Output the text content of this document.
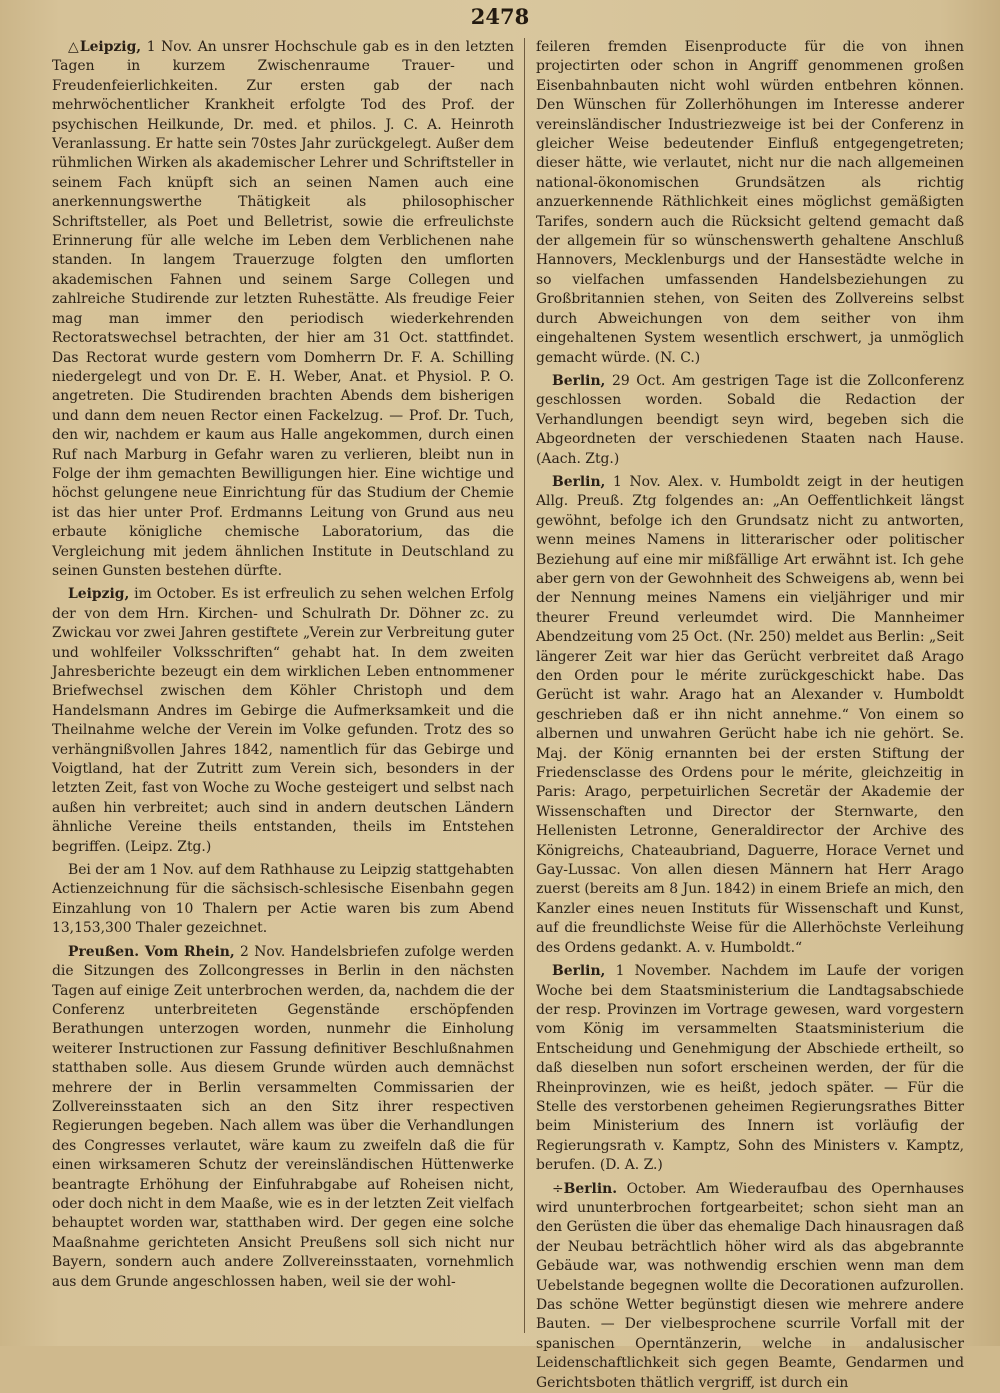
2478

△Leipzig, 1 Nov. An unsrer Hochschule gab es in den letzten Tagen in kurzem Zwischenraume Trauer- und Freudenfeierlichkeiten. Zur ersten gab der nach mehrwöchentlicher Krankheit erfolgte Tod des Prof. der psychischen Heilkunde, Dr. med. et philos. J. C. A. Heinroth Veranlassung. Er hatte sein 70stes Jahr zurückgelegt. Außer dem rühmlichen Wirken als akademischer Lehrer und Schriftsteller in seinem Fach knüpft sich an seinen Namen auch eine anerkennungswerthe Thätigkeit als philosophischer Schriftsteller, als Poet und Belletrist, sowie die erfreulichste Erinnerung für alle welche im Leben dem Verblichenen nahe standen. In langem Trauerzuge folgten den umflorten akademischen Fahnen und seinem Sarge Collegen und zahlreiche Studirende zur letzten Ruhestätte. Als freudige Feier mag man immer den periodisch wiederkehrenden Rectoratswechsel betrachten, der hier am 31 Oct. stattfindet. Das Rectorat wurde gestern vom Domherrn Dr. F. A. Schilling niedergelegt und von Dr. E. H. Weber, Anat. et Physiol. P. O. angetreten. Die Studirenden brachten Abends dem bisherigen und dann dem neuen Rector einen Fackelzug. — Prof. Dr. Tuch, den wir, nachdem er kaum aus Halle angekommen, durch einen Ruf nach Marburg in Gefahr waren zu verlieren, bleibt nun in Folge der ihm gemachten Bewilligungen hier. Eine wichtige und höchst gelungene neue Einrichtung für das Studium der Chemie ist das hier unter Prof. Erdmanns Leitung von Grund aus neu erbaute königliche chemische Laboratorium, das die Vergleichung mit jedem ähnlichen Institute in Deutschland zu seinen Gunsten bestehen dürfte.

Leipzig, im October. Es ist erfreulich zu sehen welchen Erfolg der von dem Hrn. Kirchen- und Schulrath Dr. Döhner zc. zu Zwickau vor zwei Jahren gestiftete „Verein zur Verbreitung guter und wohlfeiler Volksschriften“ gehabt hat. In dem zweiten Jahresberichte bezeugt ein dem wirklichen Leben entnommener Briefwechsel zwischen dem Köhler Christoph und dem Handelsmann Andres im Gebirge die Aufmerksamkeit und die Theilnahme welche der Verein im Volke gefunden. Trotz des so verhängnißvollen Jahres 1842, namentlich für das Gebirge und Voigtland, hat der Zutritt zum Verein sich, besonders in der letzten Zeit, fast von Woche zu Woche gesteigert und selbst nach außen hin verbreitet; auch sind in andern deutschen Ländern ähnliche Vereine theils entstanden, theils im Entstehen begriffen. (Leipz. Ztg.)

Bei der am 1 Nov. auf dem Rathhause zu Leipzig stattgehabten Actienzeichnung für die sächsisch-schlesische Eisenbahn gegen Einzahlung von 10 Thalern per Actie waren bis zum Abend 13,153,300 Thaler gezeichnet.

Preußen. Vom Rhein, 2 Nov. Handelsbriefen zufolge werden die Sitzungen des Zollcongresses in Berlin in den nächsten Tagen auf einige Zeit unterbrochen werden, da, nachdem die der Conferenz unterbreiteten Gegenstände erschöpfenden Berathungen unterzogen worden, nunmehr die Einholung weiterer Instructionen zur Fassung definitiver Beschlußnahmen statthaben solle. Aus diesem Grunde würden auch demnächst mehrere der in Berlin versammelten Commissarien der Zollvereinsstaaten sich an den Sitz ihrer respectiven Regierungen begeben. Nach allem was über die Verhandlungen des Congresses verlautet, wäre kaum zu zweifeln daß die für einen wirksameren Schutz der vereinsländischen Hüttenwerke beantragte Erhöhung der Einfuhrabgabe auf Roheisen nicht, oder doch nicht in dem Maaße, wie es in der letzten Zeit vielfach behauptet worden war, statthaben wird. Der gegen eine solche Maaßnahme gerichteten Ansicht Preußens soll sich nicht nur Bayern, sondern auch andere Zollvereinsstaaten, vornehmlich aus dem Grunde angeschlossen haben, weil sie der wohl-

feileren fremden Eisenproducte für die von ihnen projectirten oder schon in Angriff genommenen großen Eisenbahnbauten nicht wohl würden entbehren können. Den Wünschen für Zollerhöhungen im Interesse anderer vereinsländischer Industriezweige ist bei der Conferenz in gleicher Weise bedeutender Einfluß entgegengetreten; dieser hätte, wie verlautet, nicht nur die nach allgemeinen national-ökonomischen Grundsätzen als richtig anzuerkennende Räthlichkeit eines möglichst gemäßigten Tarifes, sondern auch die Rücksicht geltend gemacht daß der allgemein für so wünschenswerth gehaltene Anschluß Hannovers, Mecklenburgs und der Hansestädte welche in so vielfachen umfassenden Handelsbeziehungen zu Großbritannien stehen, von Seiten des Zollvereins selbst durch Abweichungen von dem seither von ihm eingehaltenen System wesentlich erschwert, ja unmöglich gemacht würde. (N. C.)

Berlin, 29 Oct. Am gestrigen Tage ist die Zollconferenz geschlossen worden. Sobald die Redaction der Verhandlungen beendigt seyn wird, begeben sich die Abgeordneten der verschiedenen Staaten nach Hause. (Aach. Ztg.)

Berlin, 1 Nov. Alex. v. Humboldt zeigt in der heutigen Allg. Preuß. Ztg folgendes an: „An Oeffentlichkeit längst gewöhnt, befolge ich den Grundsatz nicht zu antworten, wenn meines Namens in litterarischer oder politischer Beziehung auf eine mir mißfällige Art erwähnt ist. Ich gehe aber gern von der Gewohnheit des Schweigens ab, wenn bei der Nennung meines Namens ein vieljähriger und mir theurer Freund verleumdet wird. Die Mannheimer Abendzeitung vom 25 Oct. (Nr. 250) meldet aus Berlin: „Seit längerer Zeit war hier das Gerücht verbreitet daß Arago den Orden pour le mérite zurückgeschickt habe. Das Gerücht ist wahr. Arago hat an Alexander v. Humboldt geschrieben daß er ihn nicht annehme.“ Von einem so albernen und unwahren Gerücht habe ich nie gehört. Se. Maj. der König ernannten bei der ersten Stiftung der Friedensclasse des Ordens pour le mérite, gleichzeitig in Paris: Arago, perpetuirlichen Secretär der Akademie der Wissenschaften und Director der Sternwarte, den Hellenisten Letronne, Generaldirector der Archive des Königreichs, Chateaubriand, Daguerre, Horace Vernet und Gay-Lussac. Von allen diesen Männern hat Herr Arago zuerst (bereits am 8 Jun. 1842) in einem Briefe an mich, den Kanzler eines neuen Instituts für Wissenschaft und Kunst, auf die freundlichste Weise für die Allerhöchste Verleihung des Ordens gedankt. A. v. Humboldt.“

Berlin, 1 November. Nachdem im Laufe der vorigen Woche bei dem Staatsministerium die Landtagsabschiede der resp. Provinzen im Vortrage gewesen, ward vorgestern vom König im versammelten Staatsministerium die Entscheidung und Genehmigung der Abschiede ertheilt, so daß dieselben nun sofort erscheinen werden, der für die Rheinprovinzen, wie es heißt, jedoch später. — Für die Stelle des verstorbenen geheimen Regierungsrathes Bitter beim Ministerium des Innern ist vorläufig der Regierungsrath v. Kamptz, Sohn des Ministers v. Kamptz, berufen. (D. A. Z.)

÷Berlin. October. Am Wiederaufbau des Opernhauses wird ununterbrochen fortgearbeitet; schon sieht man an den Gerüsten die über das ehemalige Dach hinausragen daß der Neubau beträchtlich höher wird als das abgebrannte Gebäude war, was nothwendig erschien wenn man dem Uebelstande begegnen wollte die Decorationen aufzurollen. Das schöne Wetter begünstigt diesen wie mehrere andere Bauten. — Der vielbesprochene scurrile Vorfall mit der spanischen Operntänzerin, welche in andalusischer Leidenschaftlichkeit sich gegen Beamte, Gendarmen und Gerichtsboten thätlich vergriff, ist durch ein
